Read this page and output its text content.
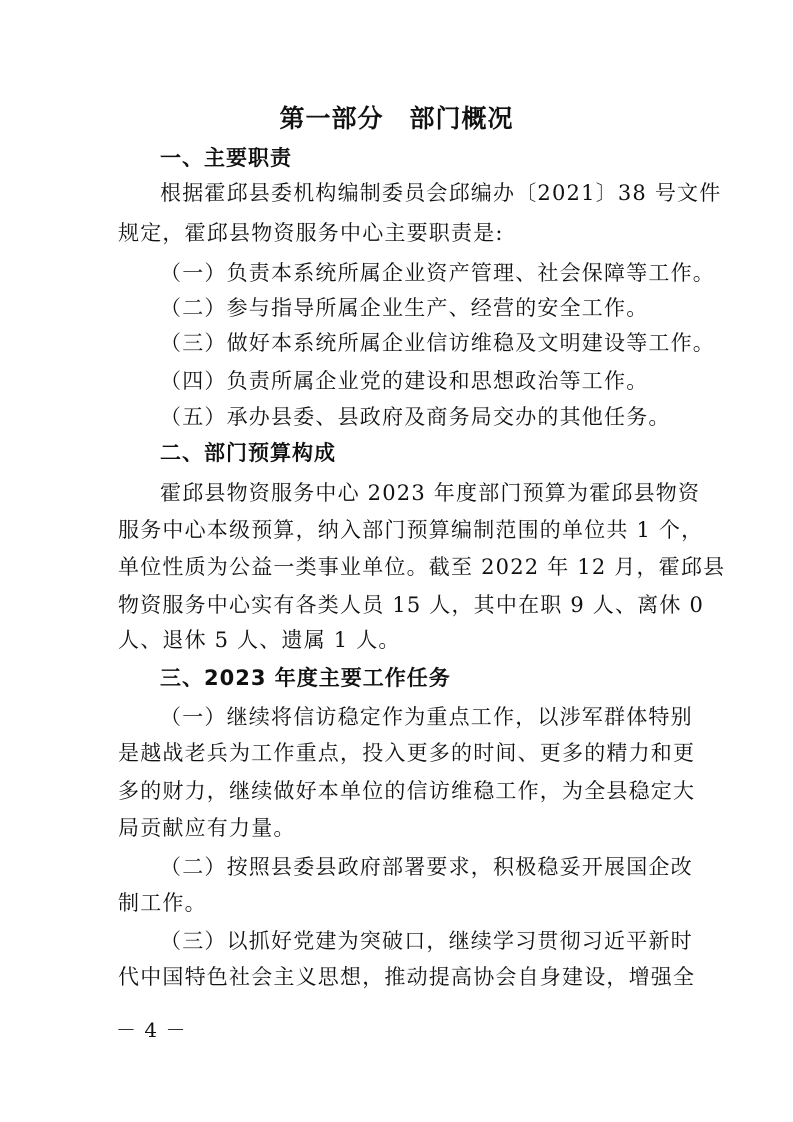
第一部分　部门概况
一、主要职责
根据霍邱县委机构编制委员会邱编办〔2021〕38 号文件
规定，霍邱县物资服务中心主要职责是:
（一）负责本系统所属企业资产管理、社会保障等工作。
（二）参与指导所属企业生产、经营的安全工作。
（三）做好本系统所属企业信访维稳及文明建设等工作。
（四）负责所属企业党的建设和思想政治等工作。
（五）承办县委、县政府及商务局交办的其他任务。
二、部门预算构成
霍邱县物资服务中心 2023 年度部门预算为霍邱县物资
服务中心本级预算，纳入部门预算编制范围的单位共 1 个，
单位性质为公益一类事业单位。截至 2022 年 12 月，霍邱县
物资服务中心实有各类人员 15 人，其中在职 9 人、离休 0
人、退休 5 人、遗属 1 人。
三、2023 年度主要工作任务
（一）继续将信访稳定作为重点工作，以涉军群体特别
是越战老兵为工作重点，投入更多的时间、更多的精力和更
多的财力，继续做好本单位的信访维稳工作，为全县稳定大
局贡献应有力量。
（二）按照县委县政府部署要求，积极稳妥开展国企改
制工作。
（三）以抓好党建为突破口，继续学习贯彻习近平新时
代中国特色社会主义思想，推动提高协会自身建设，增强全
－ 4 －
